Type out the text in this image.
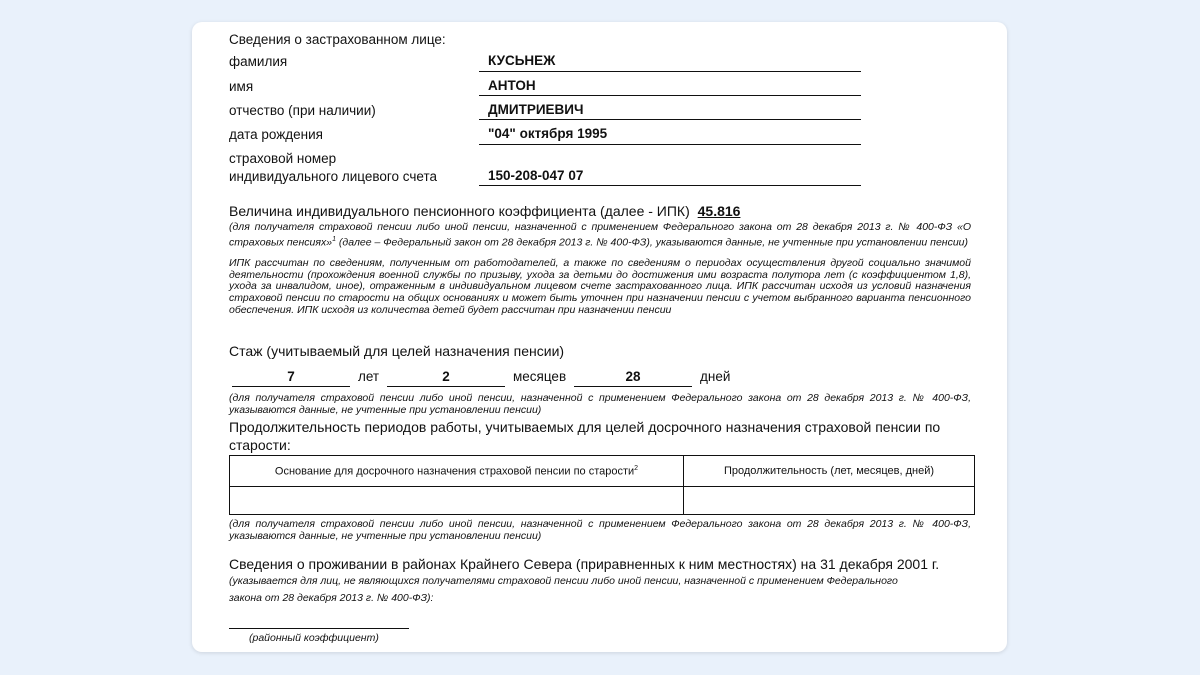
Сведения о застрахованном лице:
фамилия	КУСЬНЕЖ
имя	АНТОН
отчество (при наличии)	ДМИТРИЕВИЧ
дата рождения	"04" октября 1995
страховой номер
индивидуального лицевого счета	150-208-047 07
Величина индивидуального пенсионного коэффициента (далее - ИПК) 45.816
(для получателя страховой пенсии либо иной пенсии, назначенной с применением Федерального закона от 28 декабря 2013 г. № 400-ФЗ «О страховых пенсиях»$^1$ (далее – Федеральный закон от 28 декабря 2013 г. № 400-ФЗ), указываются данные, не учтенные при установлении пенсии)
ИПК рассчитан по сведениям, полученным от работодателей, а также по сведениям о периодах осуществления другой социально значимой деятельности (прохождения военной службы по призыву, ухода за детьми до достижения ими возраста полутора лет (с коэффициентом 1,8), ухода за инвалидом, иное), отраженным в индивидуальном лицевом счете застрахованного лица. ИПК рассчитан исходя из условий назначения страховой пенсии по старости на общих основаниях и может быть уточнен при назначении пенсии с учетом выбранного варианта пенсионного обеспечения. ИПК исходя из количества детей будет рассчитан при назначении пенсии
Стаж (учитываемый для целей назначения пенсии)
7	лет	2	месяцев	28	дней
(для получателя страховой пенсии либо иной пенсии, назначенной с применением Федерального закона от 28 декабря 2013 г. № 400-ФЗ, указываются данные, не учтенные при установлении пенсии)
Продолжительность периодов работы, учитываемых для целей досрочного назначения страховой пенсии по
старости:
Основание для досрочного назначения страховой пенсии по старости$^2$	Продолжительность (лет, месяцев, дней)

(для получателя страховой пенсии либо иной пенсии, назначенной с применением Федерального закона от 28 декабря 2013 г. № 400-ФЗ, указываются данные, не учтенные при установлении пенсии)
Сведения о проживании в районах Крайнего Севера (приравненных к ним местностях) на 31 декабря 2001 г.
(указывается для лиц, не являющихся получателями страховой пенсии либо иной пенсии, назначенной с применением Федерального
закона от 28 декабря 2013 г. № 400-ФЗ):
(районный коэффициент)
